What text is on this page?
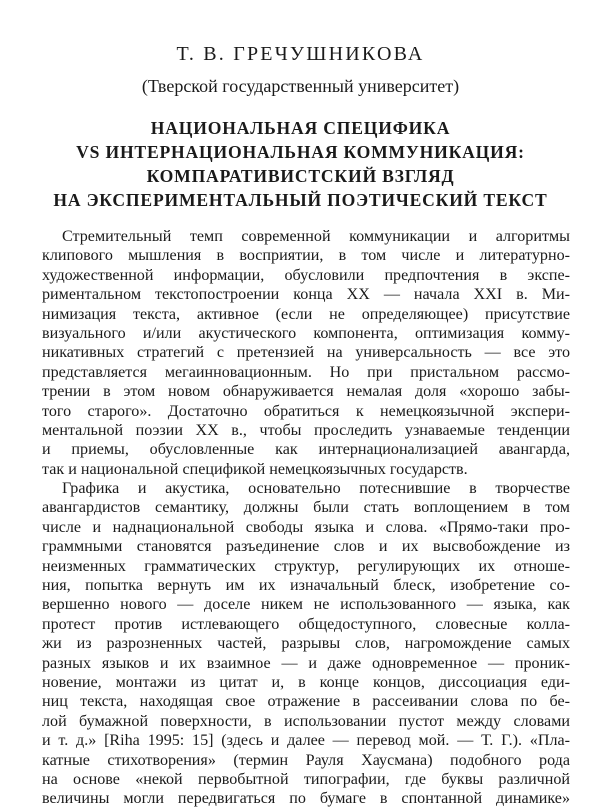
Т. В. ГРЕЧУШНИКОВА
(Тверской государственный университет)
НАЦИОНАЛЬНАЯ СПЕЦИФИКА
VS ИНТЕРНАЦИОНАЛЬНАЯ КОММУНИКАЦИЯ:
КОМПАРАТИВИСТСКИЙ ВЗГЛЯД
НА ЭКСПЕРИМЕНТАЛЬНЫЙ ПОЭТИЧЕСКИЙ ТЕКСТ
Стремительный темп современной коммуникации и алгоритмы
клипового мышления в восприятии, в том числе и литературно-
художественной информации, обусловили предпочтения в экспе-
риментальном текстопостроении конца XX — начала XXI в. Ми-
нимизация текста, активное (если не определяющее) присутствие
визуального и/или акустического компонента, оптимизация комму-
никативных стратегий с претензией на универсальность — все это
представляется мегаинновационным. Но при пристальном рассмо-
трении в этом новом обнаруживается немалая доля «хорошо забы-
того старого». Достаточно обратиться к немецкоязычной экспери-
ментальной поэзии XX в., чтобы проследить узнаваемые тенденции
и приемы, обусловленные как интернационализацией авангарда,
так и национальной спецификой немецкоязычных государств.
Графика и акустика, основательно потеснившие в творчестве
авангардистов семантику, должны были стать воплощением в том
числе и наднациональной свободы языка и слова. «Прямо-таки про-
граммными становятся разъединение слов и их высвобождение из
неизменных грамматических структур, регулирующих их отноше-
ния, попытка вернуть им их изначальный блеск, изобретение со-
вершенно нового — доселе никем не использованного — языка, как
протест против истлевающего общедоступного, словесные колла-
жи из разрозненных частей, разрывы слов, нагромождение самых
разных языков и их взаимное — и даже одновременное — проник-
новение, монтажи из цитат и, в конце концов, диссоциация еди-
ниц текста, находящая свое отражение в рассеивании слова по бе-
лой бумажной поверхности, в использовании пустот между словами
и т. д.» [Riha 1995: 15] (здесь и далее — перевод мой. — Т. Г.). «Пла-
катные стихотворения» (термин Рауля Хаусмана) подобного рода
на основе «некой первобытной типографии, где буквы различной
величины могли передвигаться по бумаге в спонтанной динамике»
